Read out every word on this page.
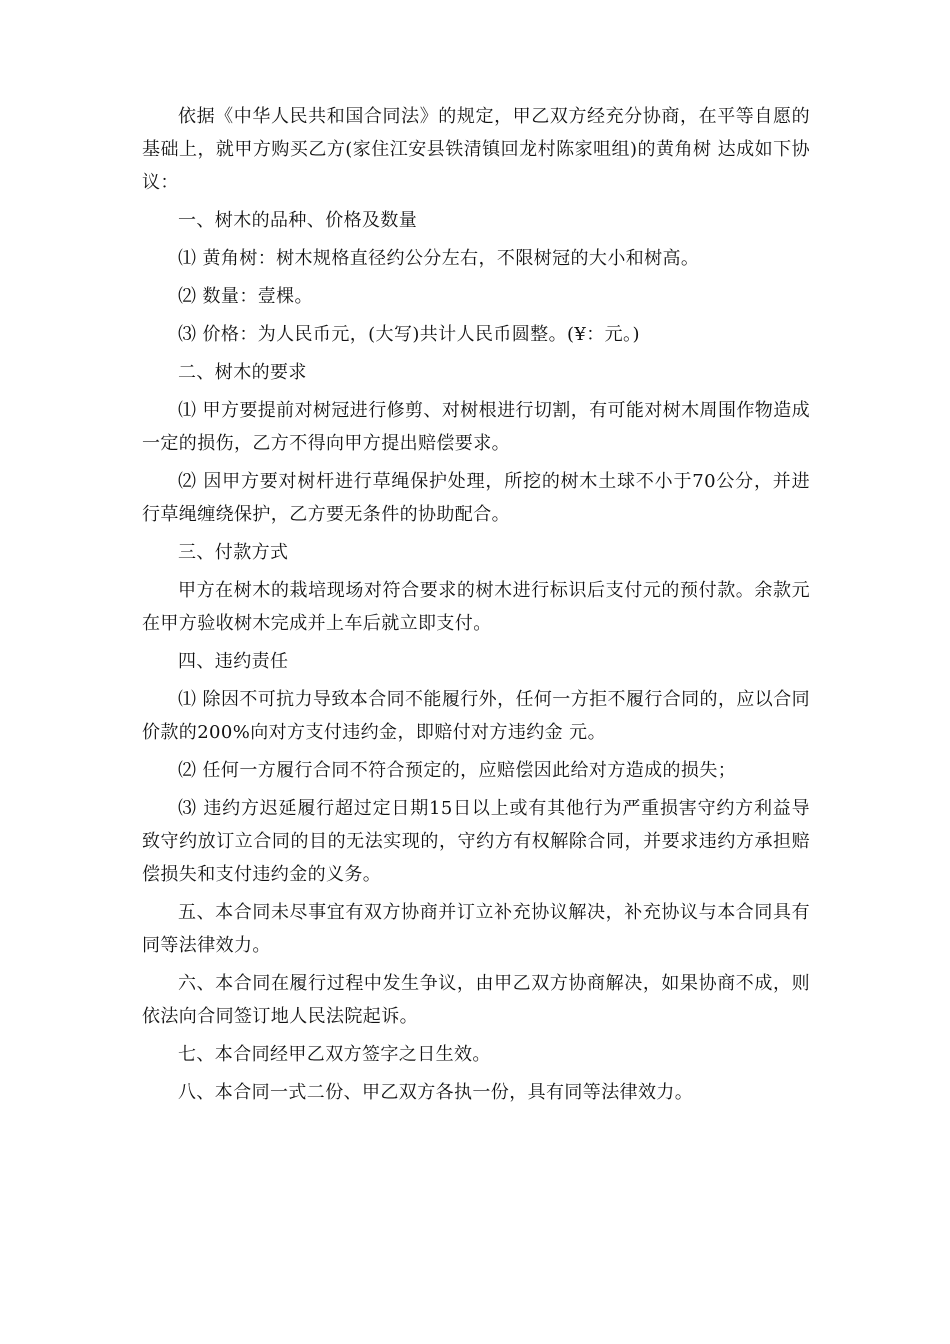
依据《中华人民共和国合同法》的规定，甲乙双方经充分协商，在平等自愿的基础上，就甲方购买乙方(家住江安县铁清镇回龙村陈家咀组)的黄角树 达成如下协议：

一、树木的品种、价格及数量

⑴ 黄角树：树木规格直径约公分左右，不限树冠的大小和树高。

⑵ 数量：壹棵。

⑶ 价格：为人民币元，(大写)共计人民币圆整。(¥：元。)

二、树木的要求

⑴ 甲方要提前对树冠进行修剪、对树根进行切割，有可能对树木周围作物造成一定的损伤，乙方不得向甲方提出赔偿要求。

⑵ 因甲方要对树杆进行草绳保护处理，所挖的树木土球不小于70公分，并进行草绳缠绕保护，乙方要无条件的协助配合。

三、付款方式

甲方在树木的栽培现场对符合要求的树木进行标识后支付元的预付款。余款元在甲方验收树木完成并上车后就立即支付。

四、违约责任

⑴ 除因不可抗力导致本合同不能履行外，任何一方拒不履行合同的，应以合同价款的200%向对方支付违约金，即赔付对方违约金 元。

⑵ 任何一方履行合同不符合预定的，应赔偿因此给对方造成的损失；

⑶ 违约方迟延履行超过定日期15日以上或有其他行为严重损害守约方利益导致守约放订立合同的目的无法实现的，守约方有权解除合同，并要求违约方承担赔偿损失和支付违约金的义务。

五、本合同未尽事宜有双方协商并订立补充协议解决，补充协议与本合同具有同等法律效力。

六、本合同在履行过程中发生争议，由甲乙双方协商解决，如果协商不成，则依法向合同签订地人民法院起诉。

七、本合同经甲乙双方签字之日生效。

八、本合同一式二份、甲乙双方各执一份，具有同等法律效力。
